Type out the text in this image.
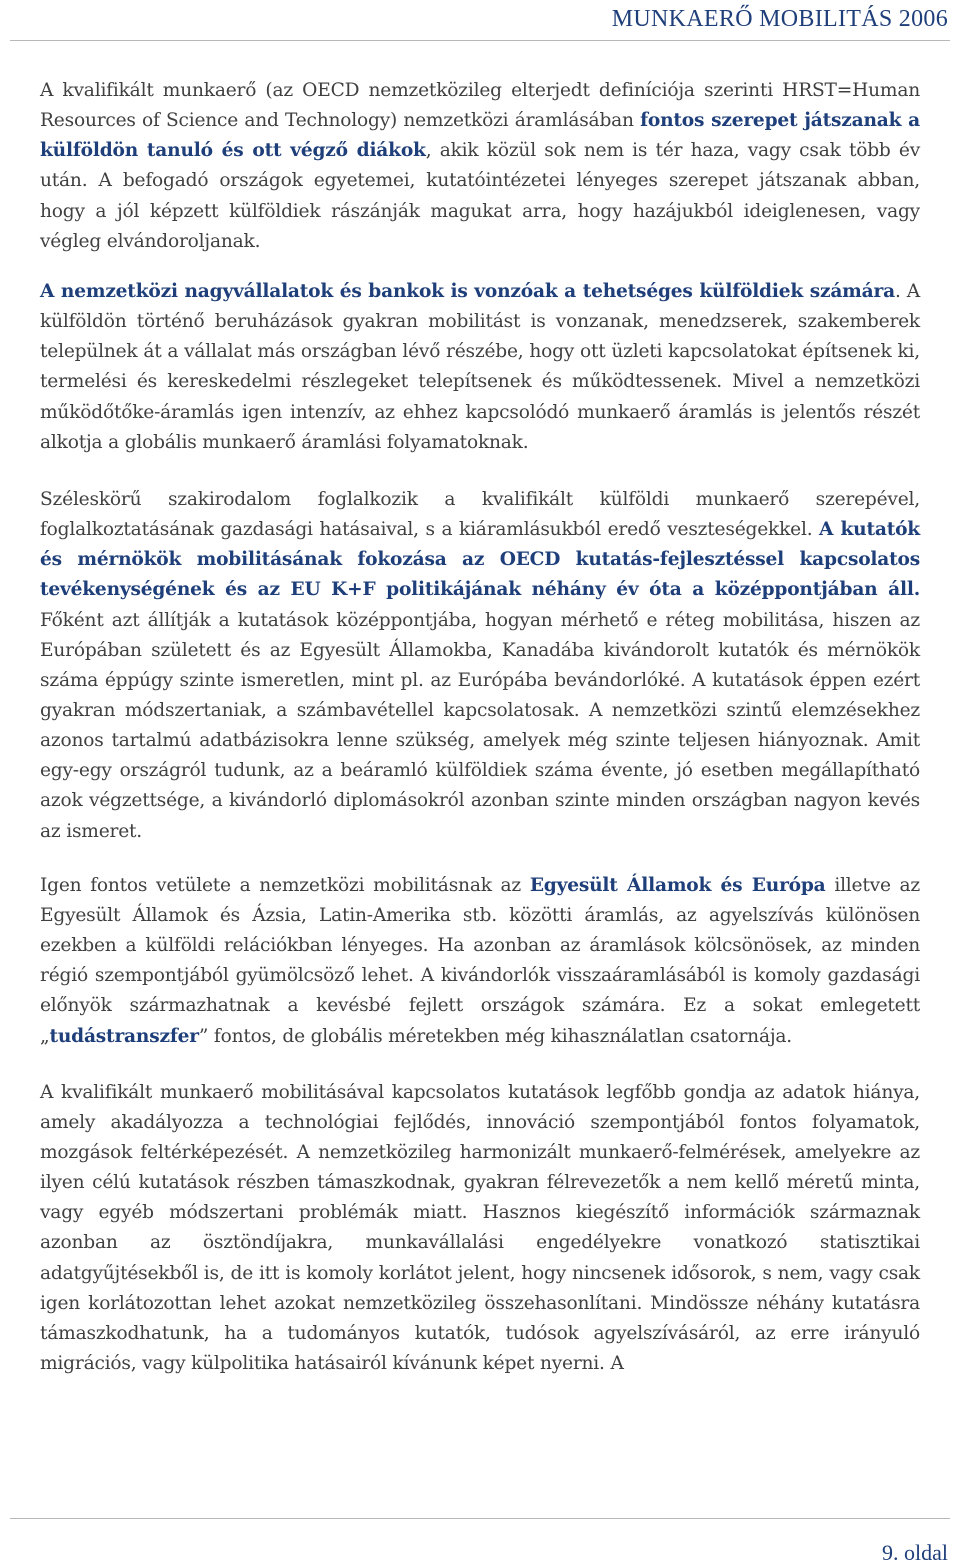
MUNKAERŐ MOBILITÁS 2006

A kvalifikált munkaerő (az OECD nemzetközileg elterjedt definíciója szerinti HRST=Human Resources of Science and Technology) nemzetközi áramlásában fontos szerepet játszanak a külföldön tanuló és ott végző diákok, akik közül sok nem is tér haza, vagy csak több év után. A befogadó országok egyetemei, kutatóintézetei lényeges szerepet játszanak abban, hogy a jól képzett külföldiek rászánják magukat arra, hogy hazájukból ideiglenesen, vagy végleg elvándoroljanak.

A nemzetközi nagyvállalatok és bankok is vonzóak a tehetséges külföldiek számára. A külföldön történő beruházások gyakran mobilitást is vonzanak, menedzserek, szakemberek települnek át a vállalat más országban lévő részébe, hogy ott üzleti kapcsolatokat építsenek ki, termelési és kereskedelmi részlegeket telepítsenek és működtessenek. Mivel a nemzetközi működőtőke-áramlás igen intenzív, az ehhez kapcsolódó munkaerő áramlás is jelentős részét alkotja a globális munkaerő áramlási folyamatoknak.

Széleskörű szakirodalom foglalkozik a kvalifikált külföldi munkaerő szerepével, foglalkoztatásának gazdasági hatásaival, s a kiáramlásukból eredő veszteségekkel. A kutatók és mérnökök mobilitásának fokozása az OECD kutatás-fejlesztéssel kapcsolatos tevékenységének és az EU K+F politikájának néhány év óta a középpontjában áll. Főként azt állítják a kutatások középpontjába, hogyan mérhető e réteg mobilitása, hiszen az Európában született és az Egyesült Államokba, Kanadába kivándorolt kutatók és mérnökök száma éppúgy szinte ismeretlen, mint pl. az Európába bevándorlóké. A kutatások éppen ezért gyakran módszertaniak, a számbavétellel kapcsolatosak. A nemzetközi szintű elemzésekhez azonos tartalmú adatbázisokra lenne szükség, amelyek még szinte teljesen hiányoznak. Amit egy-egy országról tudunk, az a beáramló külföldiek száma évente, jó esetben megállapítható azok végzettsége, a kivándorló diplomásokról azonban szinte minden országban nagyon kevés az ismeret.

Igen fontos vetülete a nemzetközi mobilitásnak az Egyesült Államok és Európa illetve az Egyesült Államok és Ázsia, Latin-Amerika stb. közötti áramlás, az agyelszívás különösen ezekben a külföldi relációkban lényeges. Ha azonban az áramlások kölcsönösek, az minden régió szempontjából gyümölcsöző lehet. A kivándorlók visszaáramlásából is komoly gazdasági előnyök származhatnak a kevésbé fejlett országok számára. Ez a sokat emlegetett „tudástranszfer” fontos, de globális méretekben még kihasználatlan csatornája.

A kvalifikált munkaerő mobilitásával kapcsolatos kutatások legfőbb gondja az adatok hiánya, amely akadályozza a technológiai fejlődés, innováció szempontjából fontos folyamatok, mozgások feltérképezését. A nemzetközileg harmonizált munkaerő-felmérések, amelyekre az ilyen célú kutatások részben támaszkodnak, gyakran félrevezetők a nem kellő méretű minta, vagy egyéb módszertani problémák miatt. Hasznos kiegészítő információk származnak azonban az ösztöndíjakra, munkavállalási engedélyekre vonatkozó statisztikai adatgyűjtésekből is, de itt is komoly korlátot jelent, hogy nincsenek idősorok, s nem, vagy csak igen korlátozottan lehet azokat nemzetközileg összehasonlítani. Mindössze néhány kutatásra támaszkodhatunk, ha a tudományos kutatók, tudósok agyelszívásáról, az erre irányuló migrációs, vagy külpolitika hatásairól kívánunk képet nyerni. A

9. oldal
